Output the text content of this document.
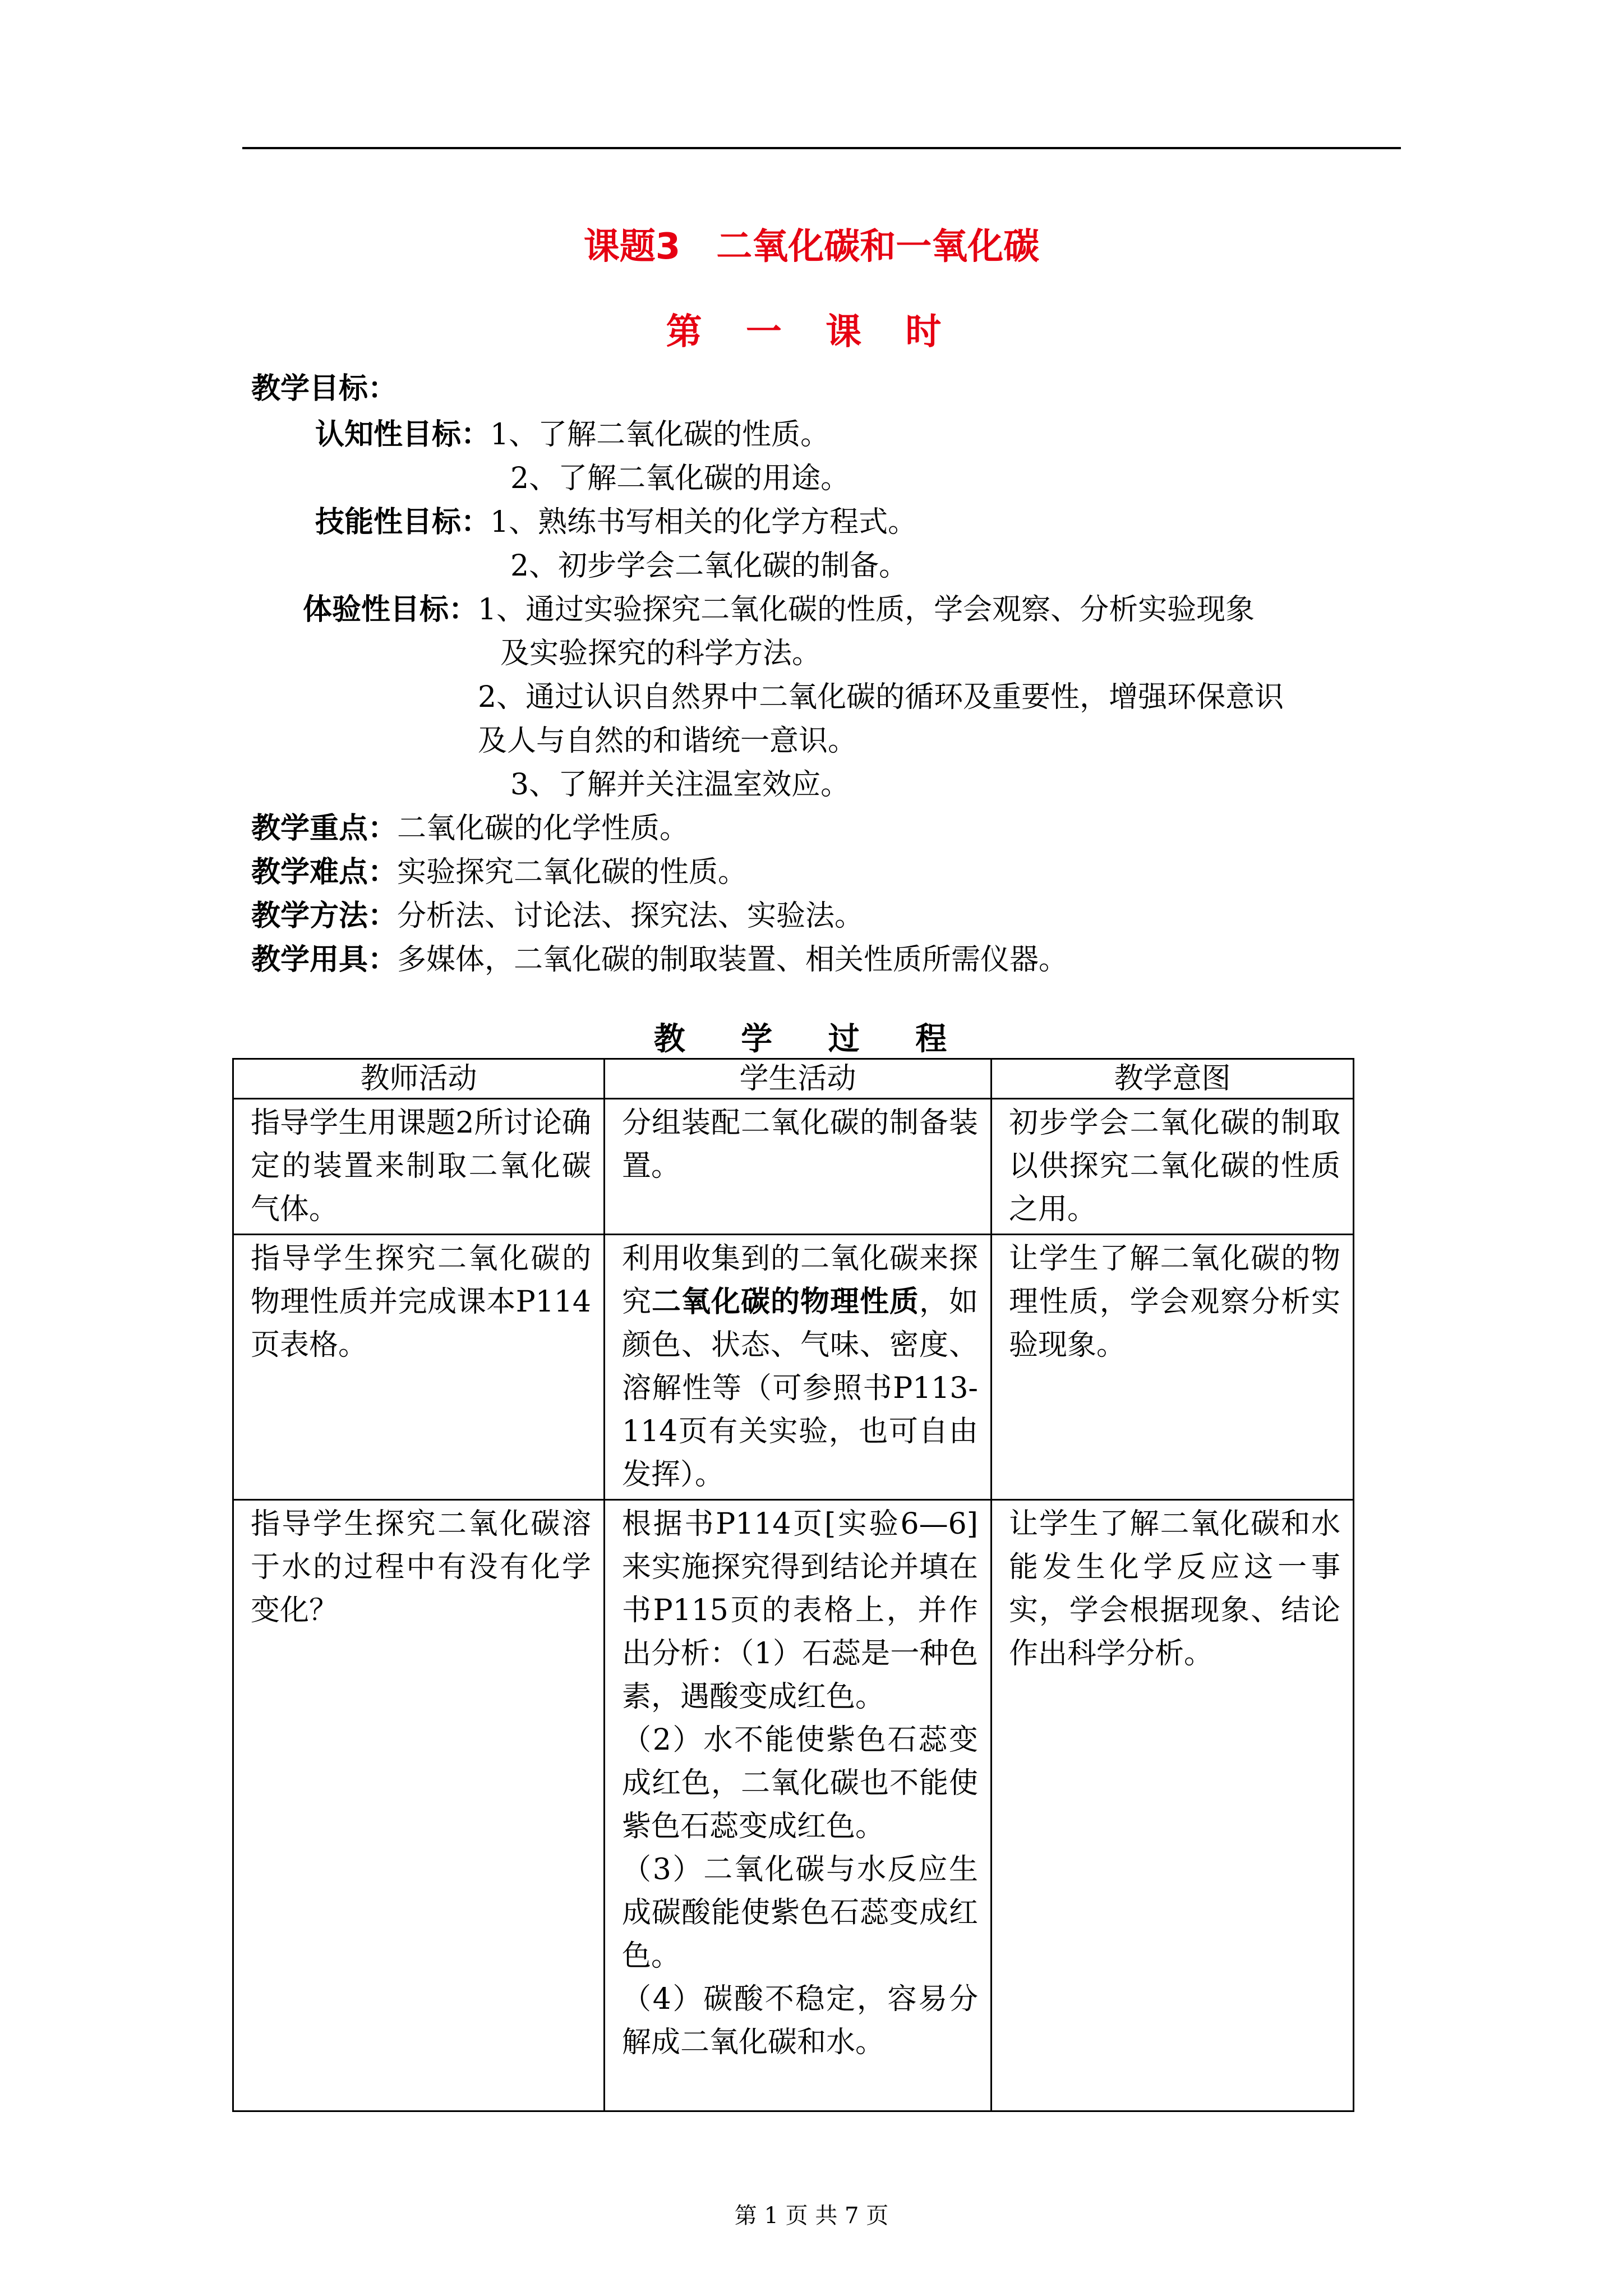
课题3　二氧化碳和一氧化碳
第 一 课 时
教学目标：
认知性目标：1、了解二氧化碳的性质。
2、了解二氧化碳的用途。
技能性目标：1、熟练书写相关的化学方程式。
2、初步学会二氧化碳的制备。
体验性目标：1、通过实验探究二氧化碳的性质，学会观察、分析实验现象
及实验探究的科学方法。
2、通过认识自然界中二氧化碳的循环及重要性，增强环保意识
及人与自然的和谐统一意识。
3、了解并关注温室效应。
教学重点：二氧化碳的化学性质。
教学难点：实验探究二氧化碳的性质。
教学方法：分析法、讨论法、探究法、实验法。
教学用具：多媒体，二氧化碳的制取装置、相关性质所需仪器。
教 学 过 程
教师活动	学生活动	教学意图
指导学生用课题2所讨论确定的装置来制取二氧化碳气体。	分组装配二氧化碳的制备装置。	初步学会二氧化碳的制取以供探究二氧化碳的性质之用。
指导学生探究二氧化碳的物理性质并完成课本P114页表格。	利用收集到的二氧化碳来探究二氧化碳的物理性质，如颜色、状态、气味、密度、溶解性等（可参照书P113-114页有关实验，也可自由发挥）。	让学生了解二氧化碳的物理性质，学会观察分析实验现象。
指导学生探究二氧化碳溶于水的过程中有没有化学变化？	根据书P114页[实验6—6]来实施探究得到结论并填在书P115页的表格上，并作出分析：（1）石蕊是一种色素，遇酸变成红色。
（2）水不能使紫色石蕊变成红色，二氧化碳也不能使紫色石蕊变成红色。
（3）二氧化碳与水反应生成碳酸能使紫色石蕊变成红色。
（4）碳酸不稳定，容易分解成二氧化碳和水。	让学生了解二氧化碳和水能发生化学反应这一事实，学会根据现象、结论作出科学分析。
第 1 页 共 7 页
